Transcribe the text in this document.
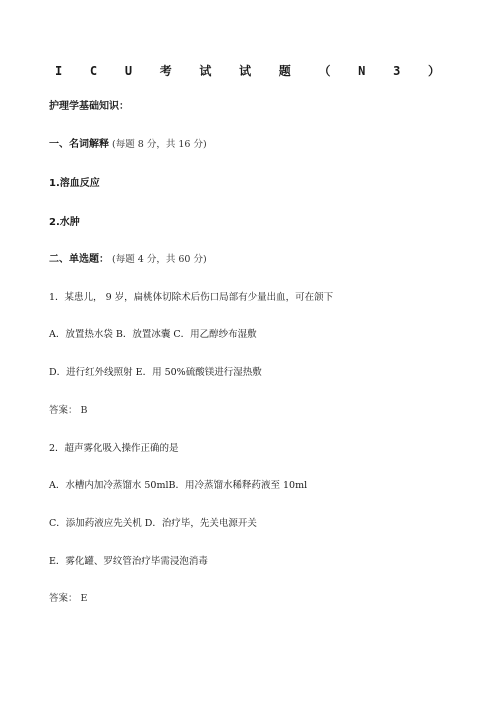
I C U 考 试 试 题 （ N 3 ）
护理学基础知识：
一、名词解释 (每题 8 分，共 16 分)
1.溶血反应
2.水肿
二、单选题： (每题 4 分，共 60 分)
1．某患儿， 9 岁，扁桃体切除术后伤口局部有少量出血，可在颌下
A．放置热水袋 B．放置冰囊 C．用乙醇纱布湿敷
D．进行红外线照射 E．用 50%硫酸镁进行湿热敷
答案： B
2．超声雾化吸入操作正确的是
A．水槽内加冷蒸馏水 50mlB．用冷蒸馏水稀释药液至 10ml
C．添加药液应先关机 D．治疗毕，先关电源开关
E．雾化罐、罗纹管治疗毕需浸泡消毒
答案： E
